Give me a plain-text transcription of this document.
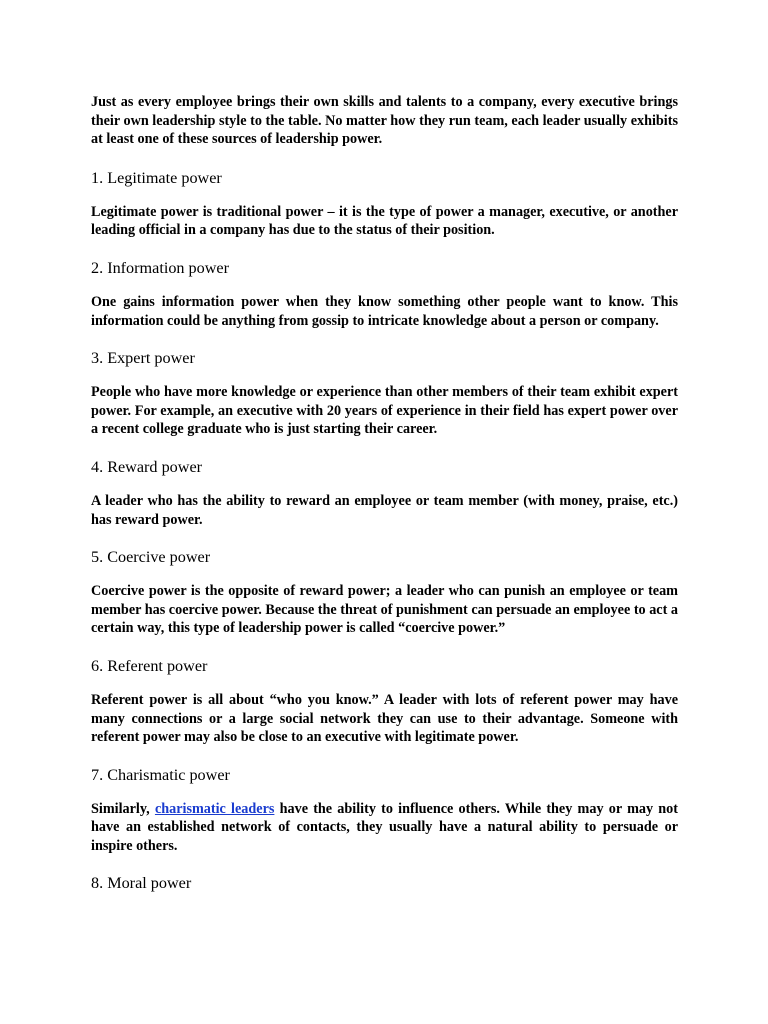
Just as every employee brings their own skills and talents to a company, every executive brings their own leadership style to the table. No matter how they run team, each leader usually exhibits at least one of these sources of leadership power.

1. Legitimate power

Legitimate power is traditional power – it is the type of power a manager, executive, or another leading official in a company has due to the status of their position.

2. Information power

One gains information power when they know something other people want to know. This information could be anything from gossip to intricate knowledge about a person or company.

3. Expert power

People who have more knowledge or experience than other members of their team exhibit expert power. For example, an executive with 20 years of experience in their field has expert power over a recent college graduate who is just starting their career.

4. Reward power

A leader who has the ability to reward an employee or team member (with money, praise, etc.) has reward power.

5. Coercive power

Coercive power is the opposite of reward power; a leader who can punish an employee or team member has coercive power. Because the threat of punishment can persuade an employee to act a certain way, this type of leadership power is called “coercive power.”

6. Referent power

Referent power is all about “who you know.” A leader with lots of referent power may have many connections or a large social network they can use to their advantage. Someone with referent power may also be close to an executive with legitimate power.

7. Charismatic power

Similarly, charismatic leaders have the ability to influence others. While they may or may not have an established network of contacts, they usually have a natural ability to persuade or inspire others.

8. Moral power
